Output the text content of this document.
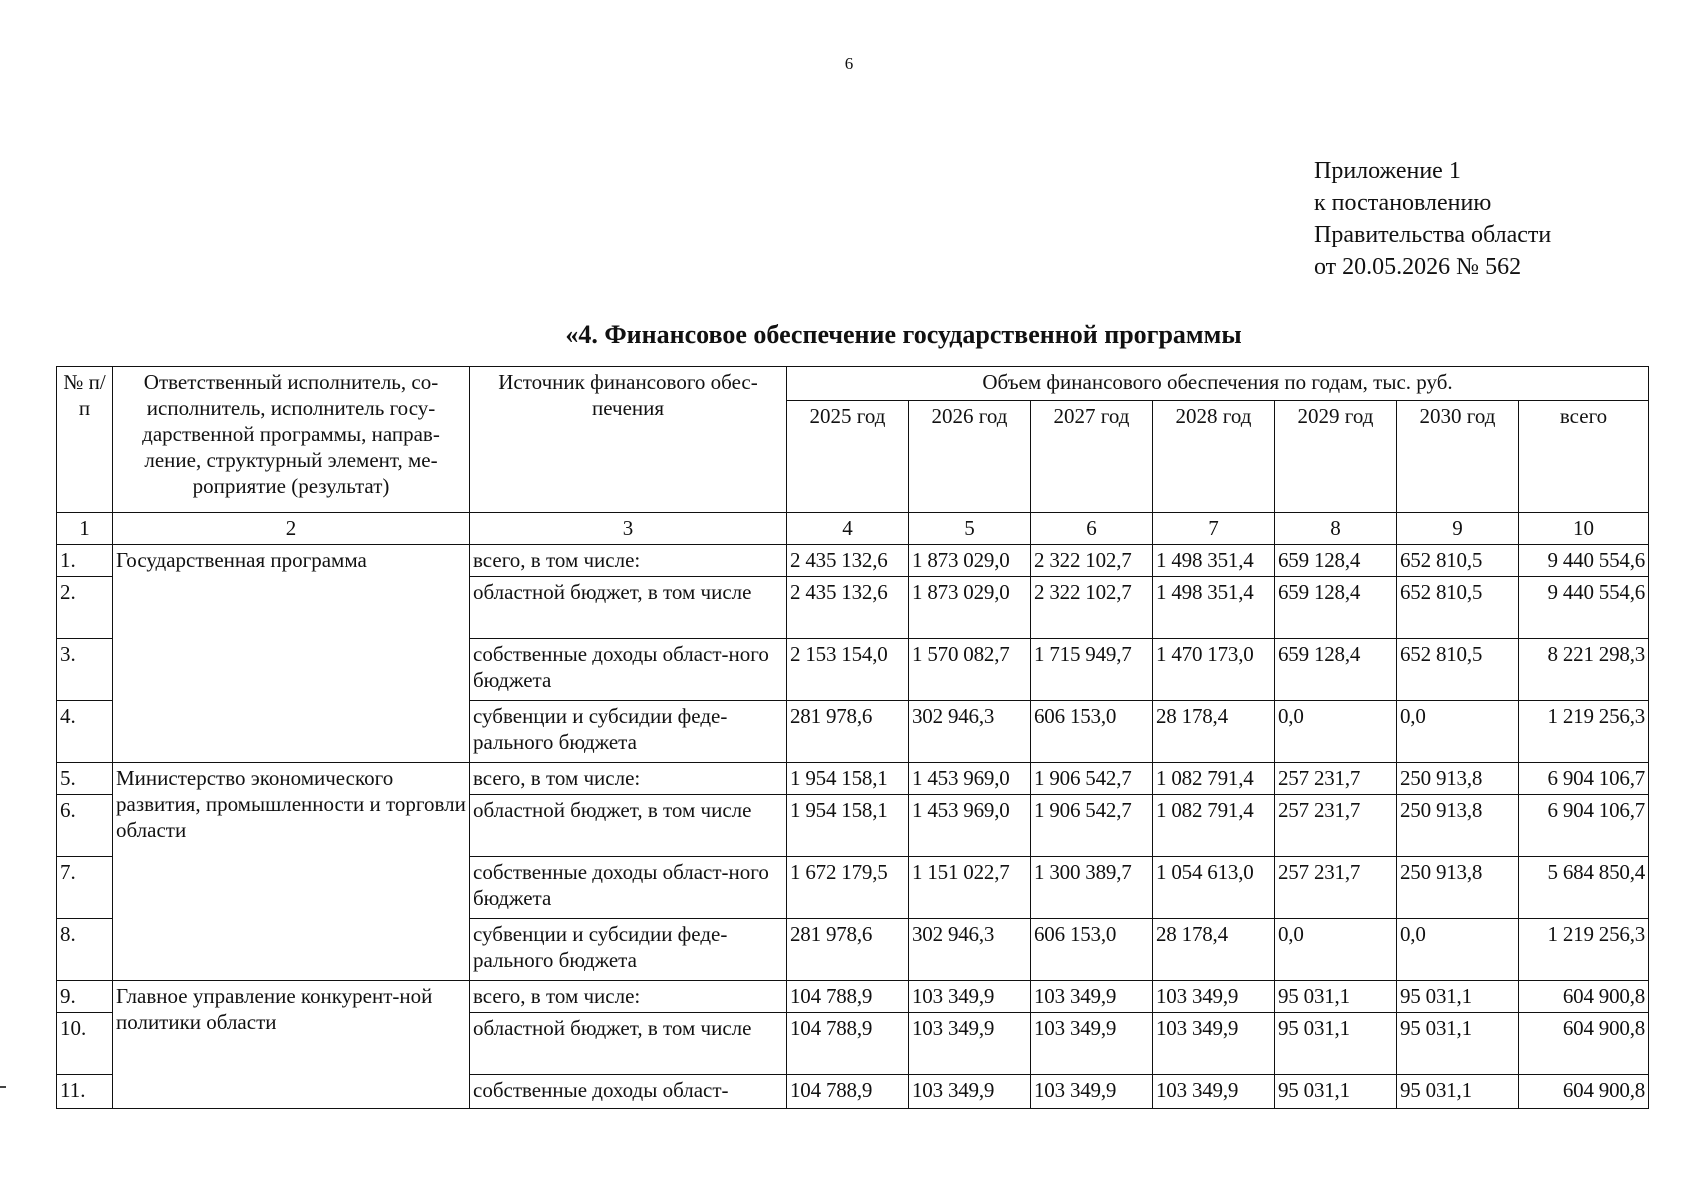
6
Приложение 1
к постановлению
Правительства области
от 20.05.2026 № 562
«4. Финансовое обеспечение государственной программы
№ п/п	Ответственный исполнитель, со-исполнитель, исполнитель госу-дарственной программы, направ-ление, структурный элемент, ме-роприятие (результат)	Источник финансового обес-печения	Объем финансового обеспечения по годам, тыс. руб.						
			2025 год	2026 год	2027 год	2028 год	2029 год	2030 год	всего
1	2	3	4	5	6	7	8	9	10
1.	Государственная программа	всего, в том числе:	2 435 132,6	1 873 029,0	2 322 102,7	1 498 351,4	659 128,4	652 810,5	9 440 554,6
2.		областной бюджет, в том числе	2 435 132,6	1 873 029,0	2 322 102,7	1 498 351,4	659 128,4	652 810,5	9 440 554,6
3.		собственные доходы област-ного бюджета	2 153 154,0	1 570 082,7	1 715 949,7	1 470 173,0	659 128,4	652 810,5	8 221 298,3
4.		субвенции и субсидии феде-рального бюджета	281 978,6	302 946,3	606 153,0	28 178,4	0,0	0,0	1 219 256,3
5.	Министерство экономического развития, промышленности и торговли области	всего, в том числе:	1 954 158,1	1 453 969,0	1 906 542,7	1 082 791,4	257 231,7	250 913,8	6 904 106,7
6.		областной бюджет, в том числе	1 954 158,1	1 453 969,0	1 906 542,7	1 082 791,4	257 231,7	250 913,8	6 904 106,7
7.		собственные доходы област-ного бюджета	1 672 179,5	1 151 022,7	1 300 389,7	1 054 613,0	257 231,7	250 913,8	5 684 850,4
8.		субвенции и субсидии феде-рального бюджета	281 978,6	302 946,3	606 153,0	28 178,4	0,0	0,0	1 219 256,3
9.	Главное управление конкурент-ной политики области	всего, в том числе:	104 788,9	103 349,9	103 349,9	103 349,9	95 031,1	95 031,1	604 900,8
10.		областной бюджет, в том числе	104 788,9	103 349,9	103 349,9	103 349,9	95 031,1	95 031,1	604 900,8
11.		собственные доходы област-	104 788,9	103 349,9	103 349,9	103 349,9	95 031,1	95 031,1	604 900,8
